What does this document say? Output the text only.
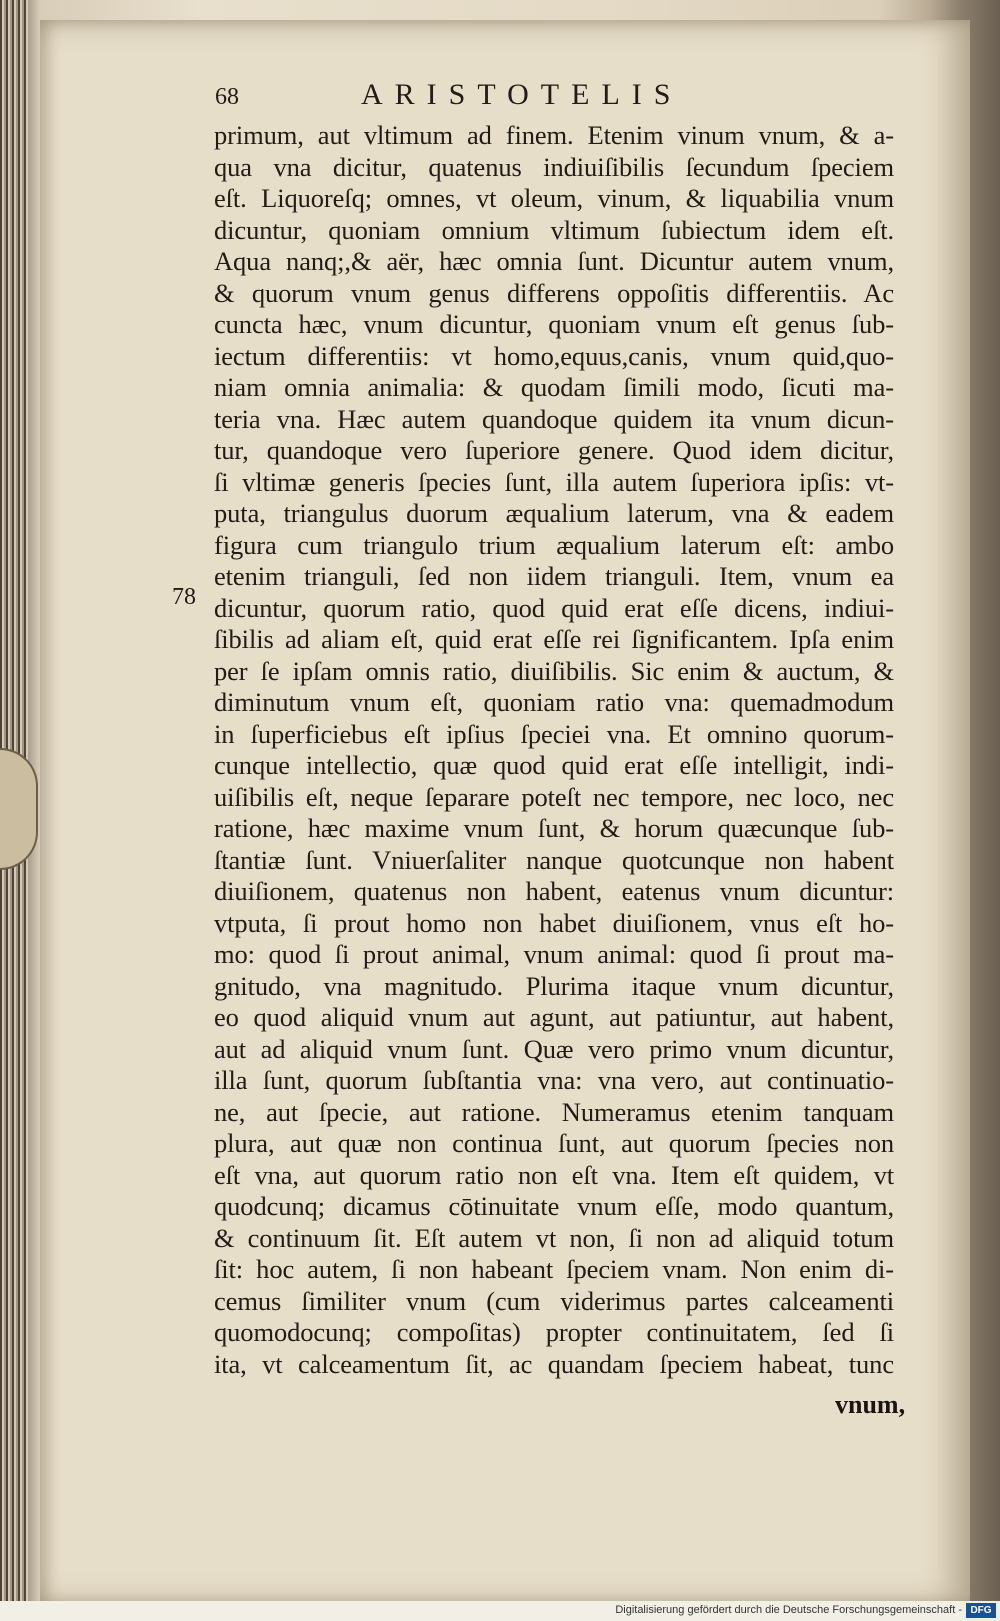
68	ARISTOTELIS
78
primum, aut vltimum ad finem. Etenim vinum vnum, & a-
qua vna dicitur, quatenus indiuiſibilis ſecundum ſpeciem
eſt. Liquoreſq; omnes, vt oleum, vinum, & liquabilia vnum
dicuntur, quoniam omnium vltimum ſubiectum idem eſt.
Aqua nanq;,& aër, hæc omnia ſunt. Dicuntur autem vnum,
& quorum vnum genus differens oppoſitis differentiis. Ac
cuncta hæc, vnum dicuntur, quoniam vnum eſt genus ſub-
iectum differentiis: vt homo,equus,canis, vnum quid,quo-
niam omnia animalia: & quodam ſimili modo, ſicuti ma-
teria vna. Hæc autem quandoque quidem ita vnum dicun-
tur, quandoque vero ſuperiore genere. Quod idem dicitur,
ſi vltimæ generis ſpecies ſunt, illa autem ſuperiora ipſis: vt-
puta, triangulus duorum æqualium laterum, vna & eadem
figura cum triangulo trium æqualium laterum eſt: ambo
etenim trianguli, ſed non iidem trianguli. Item, vnum ea
dicuntur, quorum ratio, quod quid erat eſſe dicens, indiui-
ſibilis ad aliam eſt, quid erat eſſe rei ſignificantem. Ipſa enim
per ſe ipſam omnis ratio, diuiſibilis. Sic enim & auctum, &
diminutum vnum eſt, quoniam ratio vna: quemadmodum
in ſuperficiebus eſt ipſius ſpeciei vna. Et omnino quorum-
cunque intellectio, quæ quod quid erat eſſe intelligit, indi-
uiſibilis eſt, neque ſeparare poteſt nec tempore, nec loco, nec
ratione, hæc maxime vnum ſunt, & horum quæcunque ſub-
ſtantiæ ſunt. Vniuerſaliter nanque quotcunque non habent
diuiſionem, quatenus non habent, eatenus vnum dicuntur:
vtputa, ſi prout homo non habet diuiſionem, vnus eſt ho-
mo: quod ſi prout animal, vnum animal: quod ſi prout ma-
gnitudo, vna magnitudo. Plurima itaque vnum dicuntur,
eo quod aliquid vnum aut agunt, aut patiuntur, aut habent,
aut ad aliquid vnum ſunt. Quæ vero primo vnum dicuntur,
illa ſunt, quorum ſubſtantia vna: vna vero, aut continuatio-
ne, aut ſpecie, aut ratione. Numeramus etenim tanquam
plura, aut quæ non continua ſunt, aut quorum ſpecies non
eſt vna, aut quorum ratio non eſt vna. Item eſt quidem, vt
quodcunq; dicamus cōtinuitate vnum eſſe, modo quantum,
& continuum ſit. Eſt autem vt non, ſi non ad aliquid totum
ſit: hoc autem, ſi non habeant ſpeciem vnam. Non enim di-
cemus ſimiliter vnum (cum viderimus partes calceamenti
quomodocunq; compoſitas) propter continuitatem, ſed ſi
ita, vt calceamentum ſit, ac quandam ſpeciem habeat, tunc
vnum,
Digitalisierung gefördert durch die Deutsche Forschungsgemeinschaft - DFG
